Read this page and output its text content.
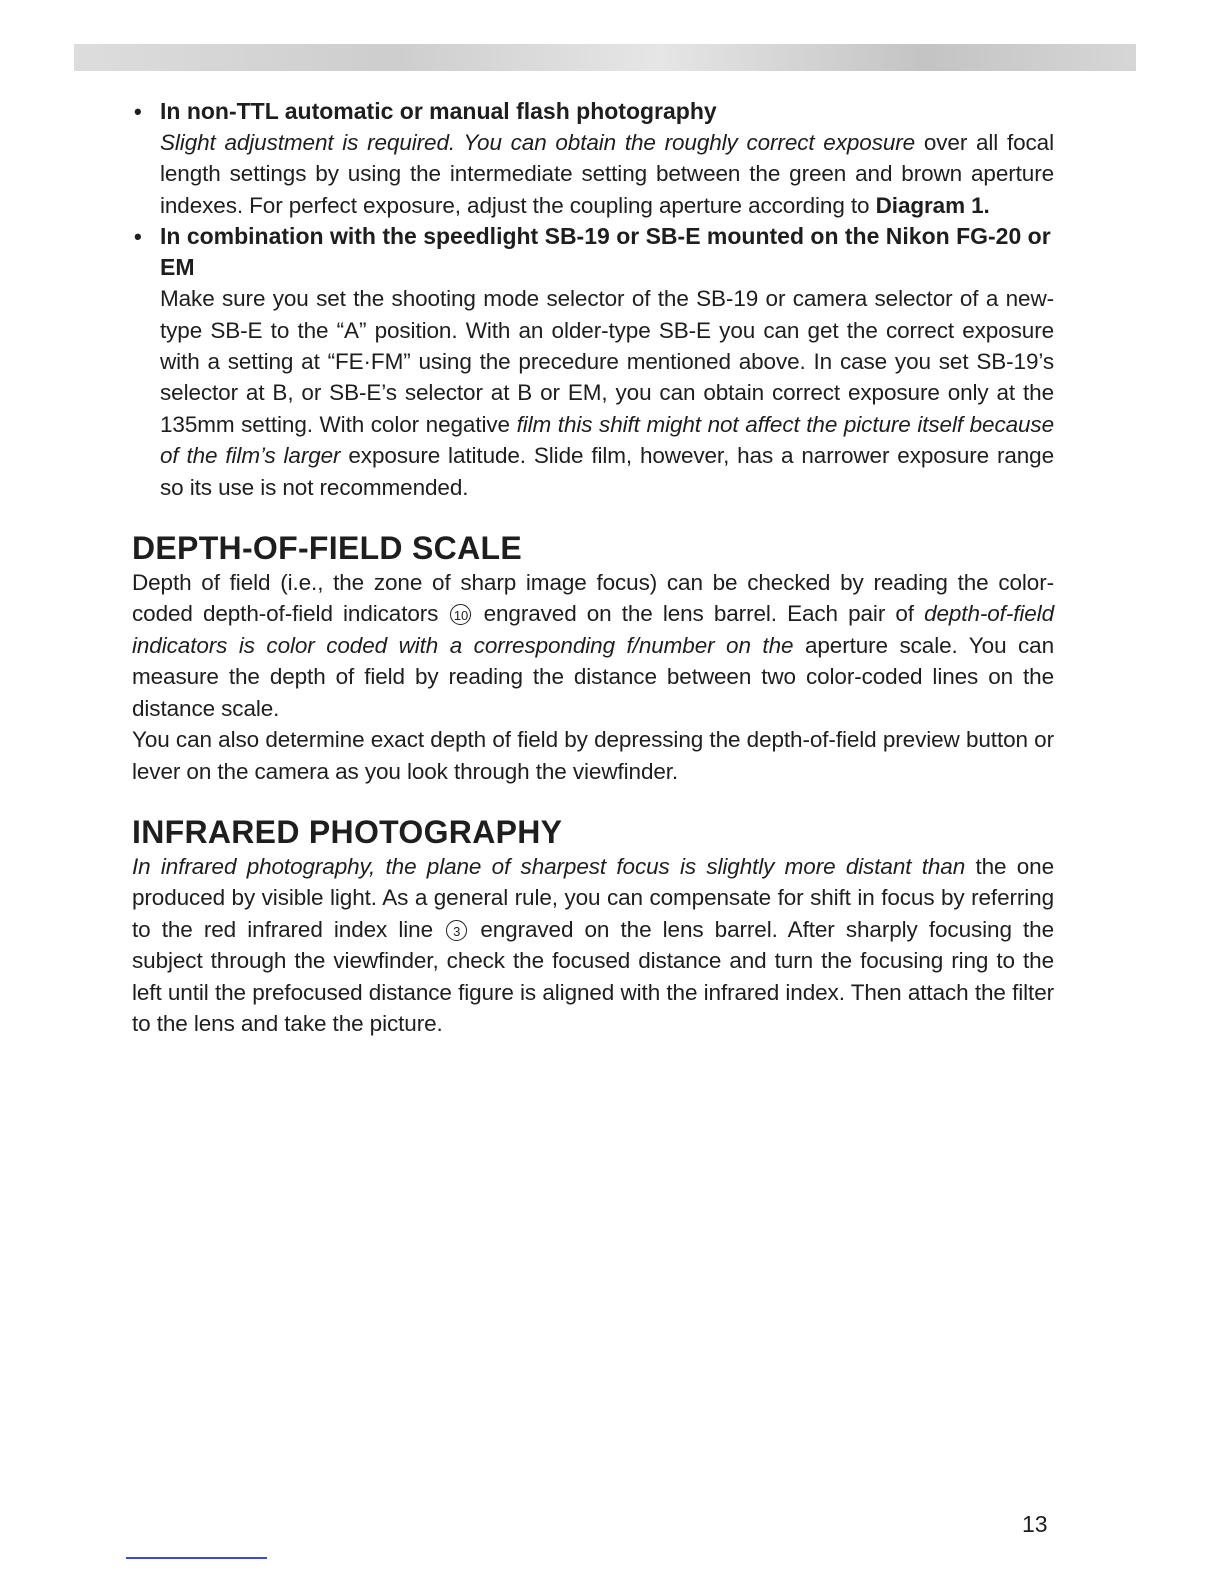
• In non-TTL automatic or manual flash photography

Slight adjustment is required. You can obtain the roughly correct exposure over all focal length settings by using the intermediate setting between the green and brown aperture indexes. For perfect exposure, adjust the coupling aperture according to Diagram 1.

• In combination with the speedlight SB-19 or SB-E mounted on the Nikon FG-20 or EM

Make sure you set the shooting mode selector of the SB-19 or camera selector of a new-type SB-E to the “A” position. With an older-type SB-E you can get the correct exposure with a setting at “FE·FM” using the precedure mentioned above. In case you set SB-19’s selector at B, or SB-E’s selector at B or EM, you can obtain correct exposure only at the 135mm setting. With color negative film this shift might not affect the picture itself because of the film’s larger exposure latitude. Slide film, however, has a narrower exposure range so its use is not recommended.

DEPTH-OF-FIELD SCALE

Depth of field (i.e., the zone of sharp image focus) can be checked by reading the color-coded depth-of-field indicators 10 engraved on the lens barrel. Each pair of depth-of-field indicators is color coded with a corresponding f/number on the aperture scale. You can measure the depth of field by reading the distance between two color-coded lines on the distance scale.

You can also determine exact depth of field by depressing the depth-of-field preview button or lever on the camera as you look through the viewfinder.

INFRARED PHOTOGRAPHY

In infrared photography, the plane of sharpest focus is slightly more distant than the one produced by visible light. As a general rule, you can compensate for shift in focus by referring to the red infrared index line 3 engraved on the lens barrel. After sharply focusing the subject through the viewfinder, check the focused distance and turn the focusing ring to the left until the prefocused distance figure is aligned with the infrared index. Then attach the filter to the lens and take the picture.

13
